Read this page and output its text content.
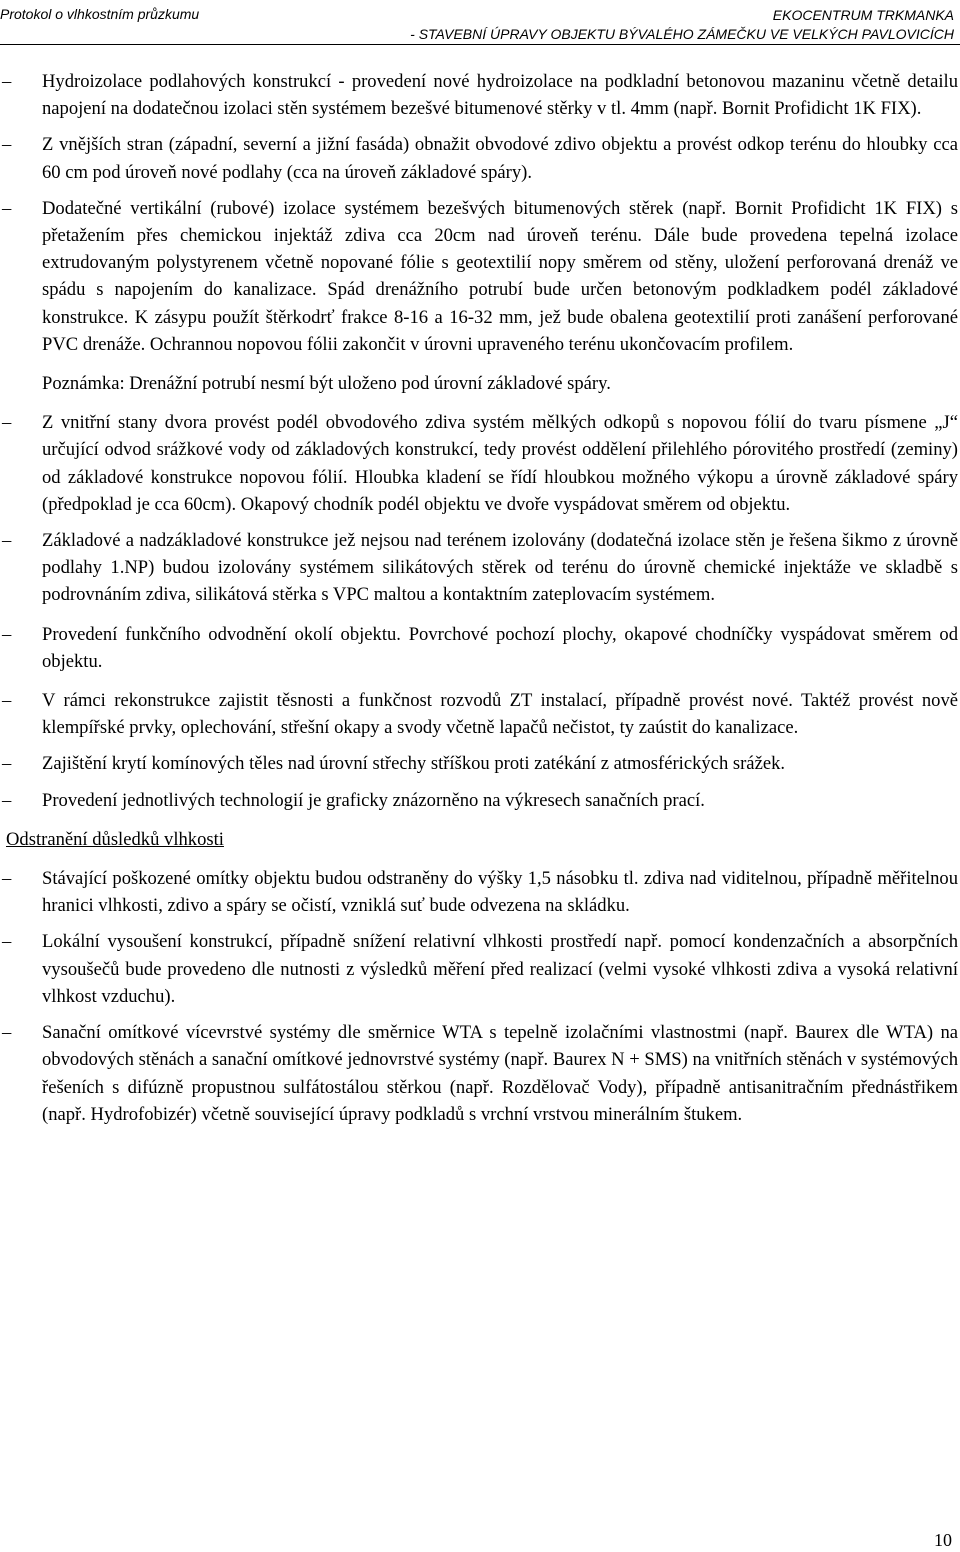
Protokol o vlhkostním průzkumu	EKOCENTRUM TRKMANKA
- STAVEBNÍ ÚPRAVY OBJEKTU BÝVALÉHO ZÁMEČKU VE VELKÝCH PAVLOVICÍCH
– Hydroizolace podlahových konstrukcí - provedení nové hydroizolace na podkladní betonovou mazaninu včetně detailu napojení na dodatečnou izolaci stěn systémem bezešvé bitumenové stěrky v tl. 4mm (např. Bornit Profidicht 1K FIX).
– Z vnějších stran (západní, severní a jižní fasáda) obnažit obvodové zdivo objektu a provést odkop terénu do hloubky cca 60 cm pod úroveň nové podlahy (cca na úroveň základové spáry).
– Dodatečné vertikální (rubové) izolace systémem bezešvých bitumenových stěrek (např. Bornit Profidicht 1K FIX) s přetažením přes chemickou injektáž zdiva cca 20cm nad úroveň terénu. Dále bude provedena tepelná izolace extrudovaným polystyrenem včetně nopované fólie s geotextilií nopy směrem od stěny, uložení perforovaná drenáž ve spádu s napojením do kanalizace. Spád drenážního potrubí bude určen betonovým podkladkem podél základové konstrukce. K zásypu použít štěrkodrť frakce 8-16 a 16-32 mm, jež bude obalena geotextilií proti zanášení perforované PVC drenáže. Ochrannou nopovou fólii zakončit v úrovni upraveného terénu ukončovacím profilem.
Poznámka: Drenážní potrubí nesmí být uloženo pod úrovní základové spáry.
– Z vnitřní stany dvora provést podél obvodového zdiva systém mělkých odkopů s nopovou fólií do tvaru písmene „J“ určující odvod srážkové vody od základových konstrukcí, tedy provést oddělení přilehlého pórovitého prostředí (zeminy) od základové konstrukce nopovou fólií. Hloubka kladení se řídí hloubkou možného výkopu a úrovně základové spáry (předpoklad je cca 60cm). Okapový chodník podél objektu ve dvoře vyspádovat směrem od objektu.
– Základové a nadzákladové konstrukce jež nejsou nad terénem izolovány (dodatečná izolace stěn je řešena šikmo z úrovně podlahy 1.NP) budou izolovány systémem silikátových stěrek od terénu do úrovně chemické injektáže ve skladbě s podrovnáním zdiva, silikátová stěrka s VPC maltou a kontaktním zateplovacím systémem.
– Provedení funkčního odvodnění okolí objektu. Povrchové pochozí plochy, okapové chodníčky vyspádovat směrem od objektu.
– V rámci rekonstrukce zajistit těsnosti a funkčnost rozvodů ZT instalací, případně provést nové. Taktéž provést nově klempířské prvky, oplechování, střešní okapy a svody včetně lapačů nečistot, ty zaústit do kanalizace.
– Zajištění krytí komínových těles nad úrovní střechy stříškou proti zatékání z atmosférických srážek.
– Provedení jednotlivých technologií je graficky znázorněno na výkresech sanačních prací.
Odstranění důsledků vlhkosti
– Stávající poškozené omítky objektu budou odstraněny do výšky 1,5 násobku tl. zdiva nad viditelnou, případně měřitelnou hranici vlhkosti, zdivo a spáry se očistí, vzniklá suť bude odvezena na skládku.
– Lokální vysoušení konstrukcí, případně snížení relativní vlhkosti prostředí např. pomocí kondenzačních a absorpčních vysoušečů bude provedeno dle nutnosti z výsledků měření před realizací (velmi vysoké vlhkosti zdiva a vysoká relativní vlhkost vzduchu).
– Sanační omítkové vícevrstvé systémy dle směrnice WTA s tepelně izolačními vlastnostmi (např. Baurex dle WTA) na obvodových stěnách a sanační omítkové jednovrstvé systémy (např. Baurex N + SMS) na vnitřních stěnách v systémových řešeních s difúzně propustnou sulfátostálou stěrkou (např. Rozdělovač Vody), případně antisanitračním přednástřikem (např. Hydrofobizér) včetně související úpravy podkladů s vrchní vrstvou minerálním štukem.
10
